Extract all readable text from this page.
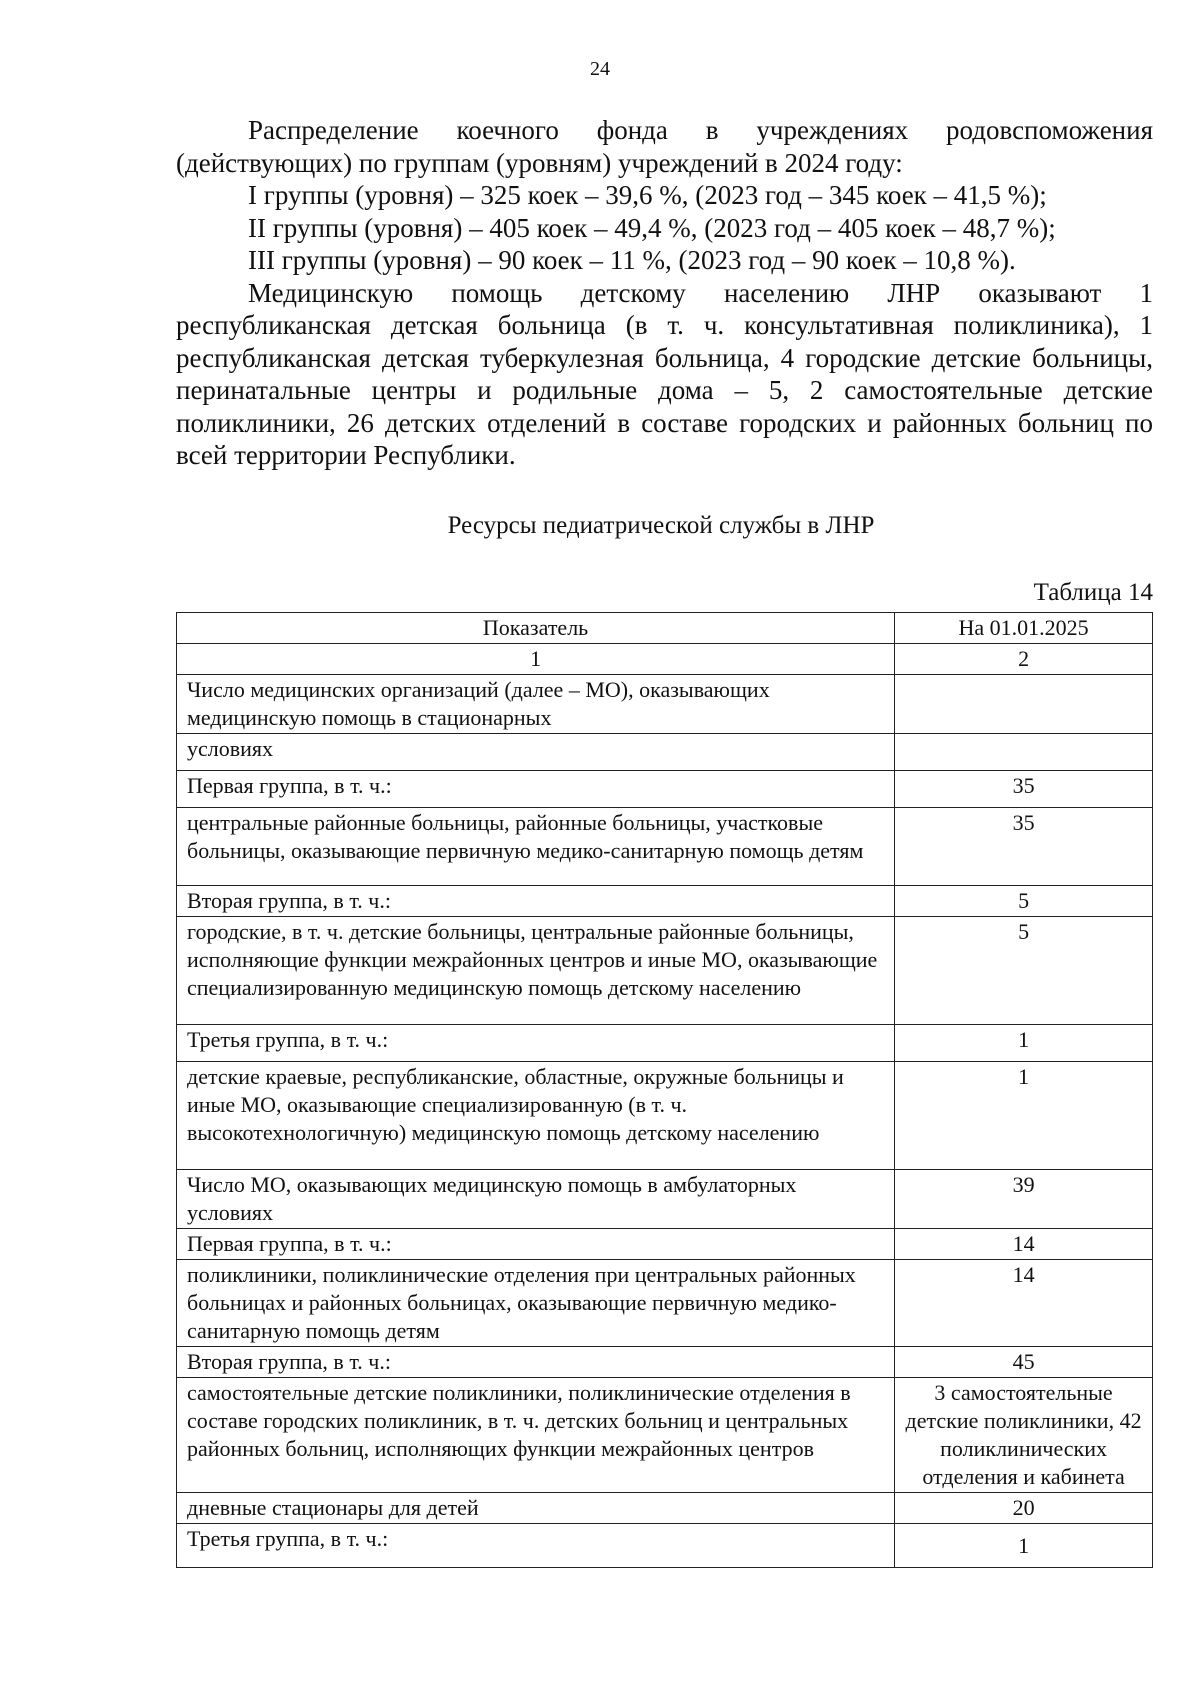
24

Распределение коечного фонда в учреждениях родовспоможения (действующих) по группам (уровням) учреждений в 2024 году:

I группы (уровня) – 325 коек – 39,6 %, (2023 год – 345 коек – 41,5 %);

II группы (уровня) – 405 коек – 49,4 %, (2023 год – 405 коек – 48,7 %);

III группы (уровня) – 90 коек – 11 %, (2023 год – 90 коек – 10,8 %).

Медицинскую помощь детскому населению ЛНР оказывают 1 республиканская детская больница (в т. ч. консультативная поликлиника), 1 республиканская детская туберкулезная больница, 4 городские детские больницы, перинатальные центры и родильные дома – 5, 2 самостоятельные детские поликлиники, 26 детских отделений в составе городских и районных больниц по всей территории Республики.

Ресурсы педиатрической службы в ЛНР
Таблица 14
Показатель	На 01.01.2025
1	2
Число медицинских организаций (далее – МО), оказывающих медицинскую помощь в стационарных	
условиях	
Первая группа, в т. ч.:	35
центральные районные больницы, районные больницы, участковые больницы, оказывающие первичную медико-санитарную помощь детям	35
Вторая группа, в т. ч.:	5
городские, в т. ч. детские больницы, центральные районные больницы, исполняющие функции межрайонных центров и иные МО, оказывающие специализированную медицинскую помощь детскому населению	5
Третья группа, в т. ч.:	1
детские краевые, республиканские, областные, окружные больницы и иные МО, оказывающие специализированную (в т. ч. высокотехнологичную) медицинскую помощь детскому населению	1
Число МО, оказывающих медицинскую помощь в амбулаторных условиях	39
Первая группа, в т. ч.:	14
поликлиники, поликлинические отделения при центральных районных больницах и районных больницах, оказывающие первичную медико-санитарную помощь детям	14
Вторая группа, в т. ч.:	45
самостоятельные детские поликлиники, поликлинические отделения в составе городских поликлиник, в т. ч. детских больниц и центральных районных больниц, исполняющих функции межрайонных центров	3 самостоятельные детские поликлиники, 42 поликлинических отделения и кабинета
дневные стационары для детей	20
Третья группа, в т. ч.:	1
